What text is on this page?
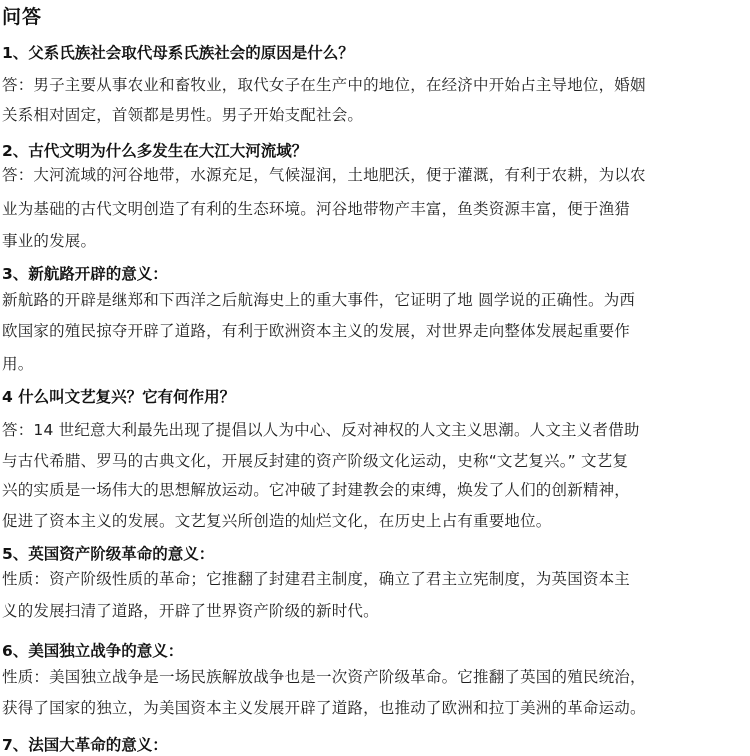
问答
1、父系氏族社会取代母系氏族社会的原因是什么？
答：男子主要从事农业和畜牧业，取代女子在生产中的地位，在经济中开始占主导地位，婚姻
关系相对固定，首领都是男性。男子开始支配社会。
2、古代文明为什么多发生在大江大河流域？
答：大河流域的河谷地带，水源充足，气候湿润，土地肥沃，便于灌溉，有利于农耕，为以农
业为基础的古代文明创造了有利的生态环境。河谷地带物产丰富，鱼类资源丰富，便于渔猎
事业的发展。
3、新航路开辟的意义：
新航路的开辟是继郑和下西洋之后航海史上的重大事件，它证明了地 圆学说的正确性。为西
欧国家的殖民掠夺开辟了道路，有利于欧洲资本主义的发展，对世界走向整体发展起重要作
用。
4 什么叫文艺复兴？它有何作用？
答：14 世纪意大利最先出现了提倡以人为中心、反对神权的人文主义思潮。人文主义者借助
与古代希腊、罗马的古典文化，开展反封建的资产阶级文化运动，史称“文艺复兴。” 文艺复
兴的实质是一场伟大的思想解放运动。它冲破了封建教会的束缚，焕发了人们的创新精神，
促进了资本主义的发展。文艺复兴所创造的灿烂文化，在历史上占有重要地位。
5、英国资产阶级革命的意义：
性质：资产阶级性质的革命；它推翻了封建君主制度，确立了君主立宪制度，为英国资本主
义的发展扫清了道路，开辟了世界资产阶级的新时代。
6、美国独立战争的意义：
性质：美国独立战争是一场民族解放战争也是一次资产阶级革命。它推翻了英国的殖民统治，
获得了国家的独立，为美国资本主义发展开辟了道路，也推动了欧洲和拉丁美洲的革命运动。
7、法国大革命的意义：
